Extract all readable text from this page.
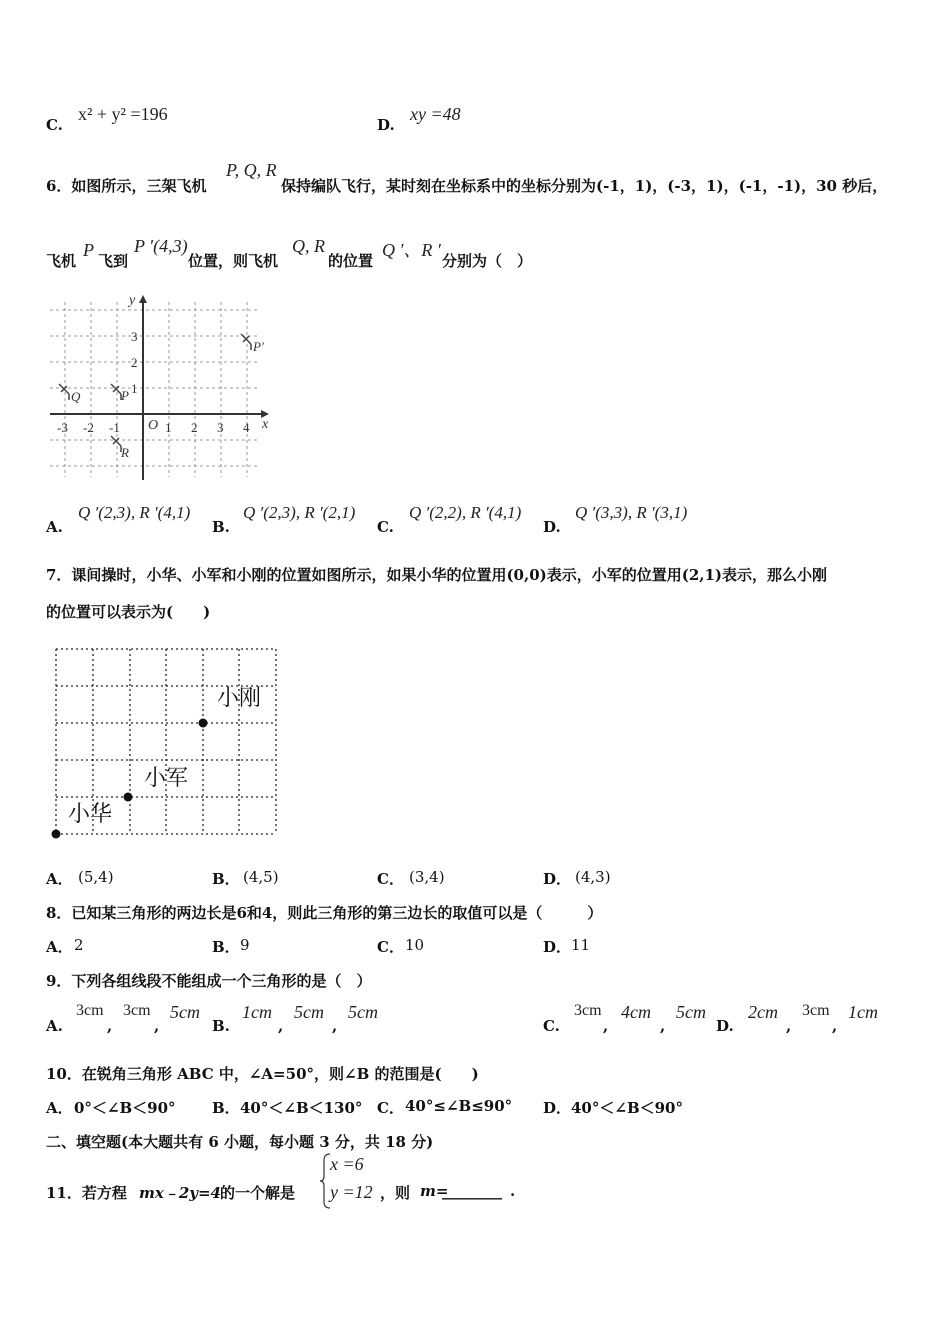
C.
x² + y² =196
D.
xy =48
6．如图所示，三架飞机
P, Q, R
保持编队飞行，某时刻在坐标系中的坐标分别为(-1，1)，(-3，1)，(-1，-1)，30 秒后，
飞机
P
飞到
P ′(4,3)
位置，则飞机
Q, R
的位置
Q ′、R ′
分别为（　）
x
y
O
-3 -2 -1	1 2 3 4
3
2
1
P'
Q	P
R
A.
Q ′(2,3), R ′(4,1)
B.
Q ′(2,3), R ′(2,1)
C.
Q ′(2,2), R ′(4,1)
D.
Q ′(3,3), R ′(3,1)
7．课间操时，小华、小军和小刚的位置如图所示，如果小华的位置用(0,0)表示，小军的位置用(2,1)表示，那么小刚
的位置可以表示为(　　)
小刚
小军
小华
A． (5,4)	B． (4,5)	C． (3,4)	D． (4,3)
8．已知某三角形的两边长是6和4，则此三角形的第三边长的取值可以是（　　　）
A． 2	B． 9	C． 10	D． 11
9．下列各组线段不能组成一个三角形的是（　）
A.
3cm
,
3cm
,
5cm
B.
1cm
,
5cm
,
5cm
C.
3cm
,
4cm
,
5cm
D.
2cm
,
3cm
,
1cm
10．在锐角三角形 ABC 中，∠A=50°，则∠B 的范围是(　　)
A． 0°＜∠B＜90° B． 40°＜∠B＜130° C． 40°≤∠B≤90° D． 40°＜∠B＜90°
二、填空题(本大题共有 6 小题，每小题 3 分，共 18 分)
11．若方程 mx﹣2y=4 的一个解是
x =6
y =12 ，则 m=
________ .
